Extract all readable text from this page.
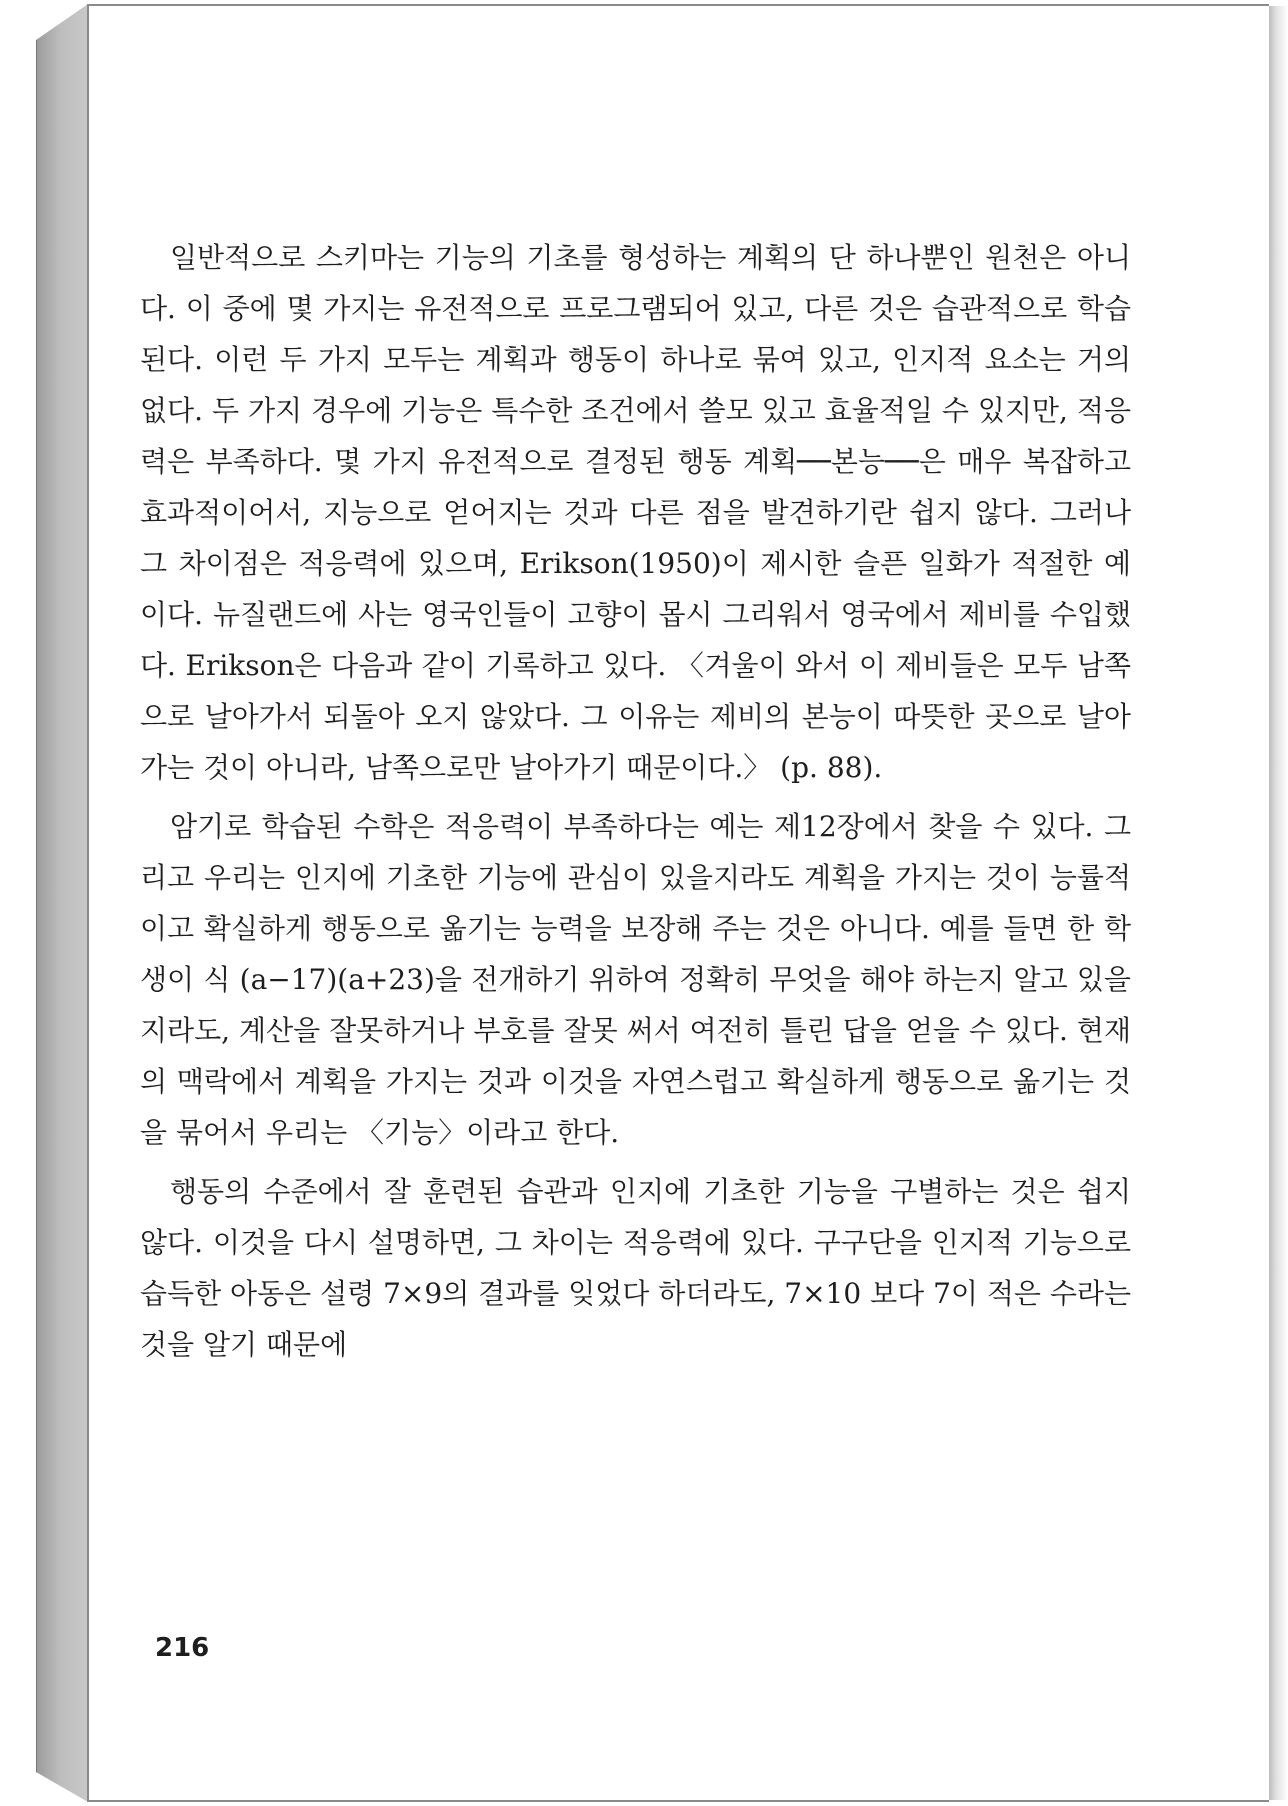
일반적으로 스키마는 기능의 기초를 형성하는 계획의 단 하나뿐인 원천은 아니다. 이 중에 몇 가지는 유전적으로 프로그램되어 있고, 다른 것은 습관적으로 학습된다. 이런 두 가지 모두는 계획과 행동이 하나로 묶여 있고, 인지적 요소는 거의 없다. 두 가지 경우에 기능은 특수한 조건에서 쓸모 있고 효율적일 수 있지만, 적응력은 부족하다. 몇 가지 유전적으로 결정된 행동 계획──본능──은 매우 복잡하고 효과적이어서, 지능으로 얻어지는 것과 다른 점을 발견하기란 쉽지 않다. 그러나 그 차이점은 적응력에 있으며, Erikson(1950)이 제시한 슬픈 일화가 적절한 예이다. 뉴질랜드에 사는 영국인들이 고향이 몹시 그리워서 영국에서 제비를 수입했다. Erikson은 다음과 같이 기록하고 있다. 〈겨울이 와서 이 제비들은 모두 남쪽으로 날아가서 되돌아 오지 않았다. 그 이유는 제비의 본능이 따뜻한 곳으로 날아가는 것이 아니라, 남쪽으로만 날아가기 때문이다.〉 (p. 88).

암기로 학습된 수학은 적응력이 부족하다는 예는 제12장에서 찾을 수 있다. 그리고 우리는 인지에 기초한 기능에 관심이 있을지라도 계획을 가지는 것이 능률적이고 확실하게 행동으로 옮기는 능력을 보장해 주는 것은 아니다. 예를 들면 한 학생이 식 (a−17)(a+23)을 전개하기 위하여 정확히 무엇을 해야 하는지 알고 있을지라도, 계산을 잘못하거나 부호를 잘못 써서 여전히 틀린 답을 얻을 수 있다. 현재의 맥락에서 계획을 가지는 것과 이것을 자연스럽고 확실하게 행동으로 옮기는 것을 묶어서 우리는 〈기능〉이라고 한다.

행동의 수준에서 잘 훈련된 습관과 인지에 기초한 기능을 구별하는 것은 쉽지 않다. 이것을 다시 설명하면, 그 차이는 적응력에 있다. 구구단을 인지적 기능으로 습득한 아동은 설령 7×9의 결과를 잊었다 하더라도, 7×10 보다 7이 적은 수라는 것을 알기 때문에

216
